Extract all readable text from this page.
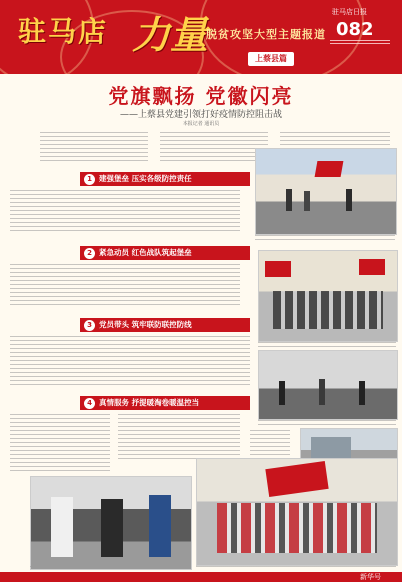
驻马店 力量
脱贫攻坚大型主题报道
驻马店日报
082
上蔡县篇
党旗飘扬 党徽闪亮
——上蔡县党建引领打好疫情防控阻击战
本报记者 通讯员
1 建强堡垒 压实各级防控责任
2 紧急动员 红色战队筑起堡垒
3 党员带头 筑牢联防联控防线
4 真情服务 抒提暖淘卷暖温控当
新华号
